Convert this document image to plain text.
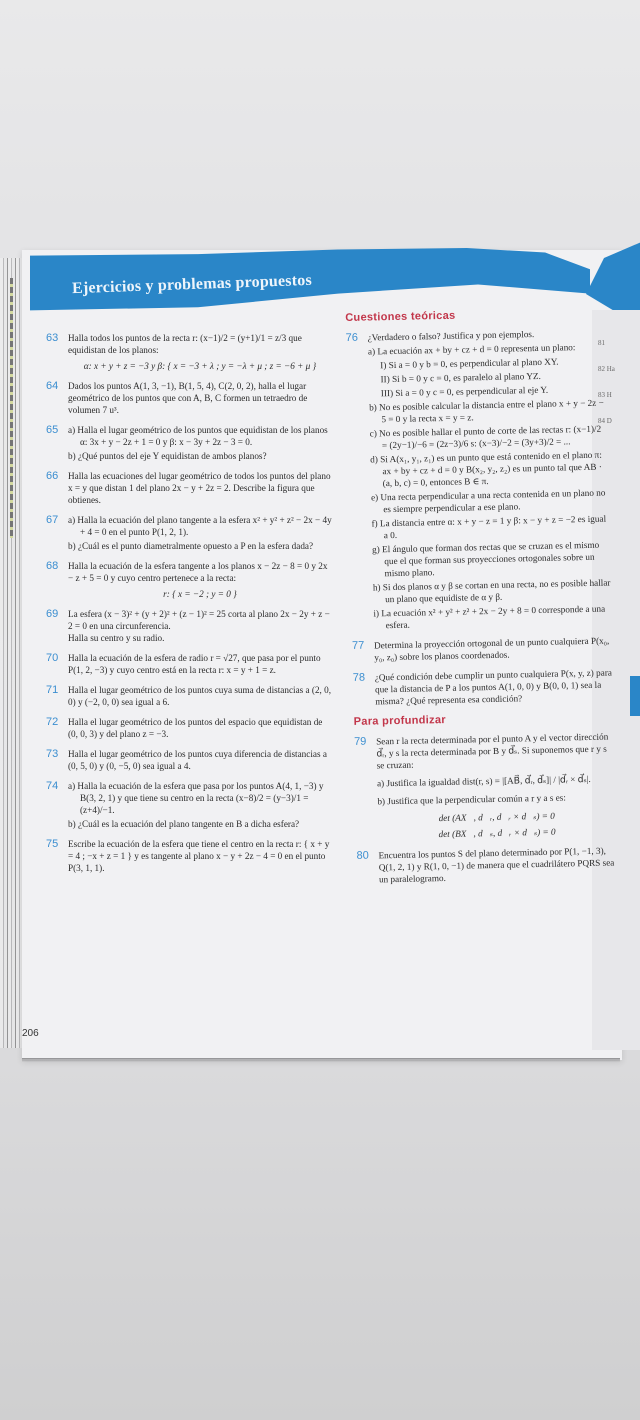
Ejercicios y problemas propuestos
81
82 Ha
83 H
84 D
63 Halla todos los puntos de la recta r: (x−1)/2 = (y+1)/1 = z/3 que equidistan de los planos:
α: x + y + z = −3 y β: { x = −3 + λ ; y = −λ + μ ; z = −6 + μ }
64 Dados los puntos A(1, 3, −1), B(1, 5, 4), C(2, 0, 2), halla el lugar geométrico de los puntos que con A, B, C formen un tetraedro de volumen 7 u³.
65 a) Halla el lugar geométrico de los puntos que equidistan de los planos α: 3x + y − 2z + 1 = 0 y β: x − 3y + 2z − 3 = 0.
b) ¿Qué puntos del eje Y equidistan de ambos planos?
66 Halla las ecuaciones del lugar geométrico de todos los puntos del plano x = y que distan 1 del plano 2x − y + 2z = 2. Describe la figura que obtienes.
67 a) Halla la ecuación del plano tangente a la esfera x² + y² + z² − 2x − 4y + 4 = 0 en el punto P(1, 2, 1).
b) ¿Cuál es el punto diametralmente opuesto a P en la esfera dada?
68 Halla la ecuación de la esfera tangente a los planos x − 2z − 8 = 0 y 2x − z + 5 = 0 y cuyo centro pertenece a la recta:
r: { x = −2 ; y = 0 }
69 La esfera (x − 3)² + (y + 2)² + (z − 1)² = 25 corta al plano 2x − 2y + z − 2 = 0 en una circunferencia.
Halla su centro y su radio.
70 Halla la ecuación de la esfera de radio r = √27, que pasa por el punto P(1, 2, −3) y cuyo centro está en la recta r: x = y + 1 = z.
71 Halla el lugar geométrico de los puntos cuya suma de distancias a (2, 0, 0) y (−2, 0, 0) sea igual a 6.
72 Halla el lugar geométrico de los puntos del espacio que equidistan de (0, 0, 3) y del plano z = −3.
73 Halla el lugar geométrico de los puntos cuya diferencia de distancias a (0, 5, 0) y (0, −5, 0) sea igual a 4.
74 a) Halla la ecuación de la esfera que pasa por los puntos A(4, 1, −3) y B(3, 2, 1) y que tiene su centro en la recta (x−8)/2 = (y−3)/1 = (z+4)/−1.
b) ¿Cuál es la ecuación del plano tangente en B a dicha esfera?
75 Escribe la ecuación de la esfera que tiene el centro en la recta r: { x + y = 4 ; −x + z = 1 } y es tangente al plano x − y + 2z − 4 = 0 en el punto P(3, 1, 1).
Cuestiones teóricas
76 ¿Verdadero o falso? Justifica y pon ejemplos.
a) La ecuación ax + by + cz + d = 0 representa un plano:
I) Si a = 0 y b = 0, es perpendicular al plano XY.
II) Si b = 0 y c = 0, es paralelo al plano YZ.
III) Si a = 0 y c = 0, es perpendicular al eje Y.
b) No es posible calcular la distancia entre el plano x + y − 2z − 5 = 0 y la recta x = y = z.
c) No es posible hallar el punto de corte de las rectas r: (x−1)/2 = (2y−1)/−6 = (2z−3)/6 s: (x−3)/−2 = (3y+3)/2 = ...
d) Si A(x₁, y₁, z₁) es un punto que está contenido en el plano π: ax + by + cz + d = 0 y B(x₂, y₂, z₂) es un punto tal que AB · (a, b, c) = 0, entonces B ∈ π.
e) Una recta perpendicular a una recta contenida en un plano no es siempre perpendicular a ese plano.
f) La distancia entre α: x + y − z = 1 y β: x − y + z = −2 es igual a 0.
g) El ángulo que forman dos rectas que se cruzan es el mismo que el que forman sus proyecciones ortogonales sobre un mismo plano.
h) Si dos planos α y β se cortan en una recta, no es posible hallar un plano que equidiste de α y β.
i) La ecuación x² + y² + z² + 2x − 2y + 8 = 0 corresponde a una esfera.
77 Determina la proyección ortogonal de un punto cualquiera P(x₀, y₀, z₀) sobre los planos coordenados.
78 ¿Qué condición debe cumplir un punto cualquiera P(x, y, z) para que la distancia de P a los puntos A(1, 0, 0) y B(0, 0, 1) sea la misma? ¿Qué representa esa condición?
Para profundizar
79 Sean r la recta determinada por el punto A y el vector dirección d⃗ᵣ, y s la recta determinada por B y d⃗ₛ. Si suponemos que r y s se cruzan:
a) Justifica la igualdad dist(r, s) = |[AB⃗, d⃗ᵣ, d⃗ₛ]| / |d⃗ᵣ × d⃗ₛ|.
b) Justifica que la perpendicular común a r y a s es:
det (AX⃗, d⃗ᵣ, d⃗ᵣ × d⃗ₛ) = 0
det (BX⃗, d⃗ₛ, d⃗ᵣ × d⃗ₛ) = 0
80 Encuentra los puntos S del plano determinado por P(1, −1, 3), Q(1, 2, 1) y R(1, 0, −1) de manera que el cuadrilátero PQRS sea un paralelogramo.
206
